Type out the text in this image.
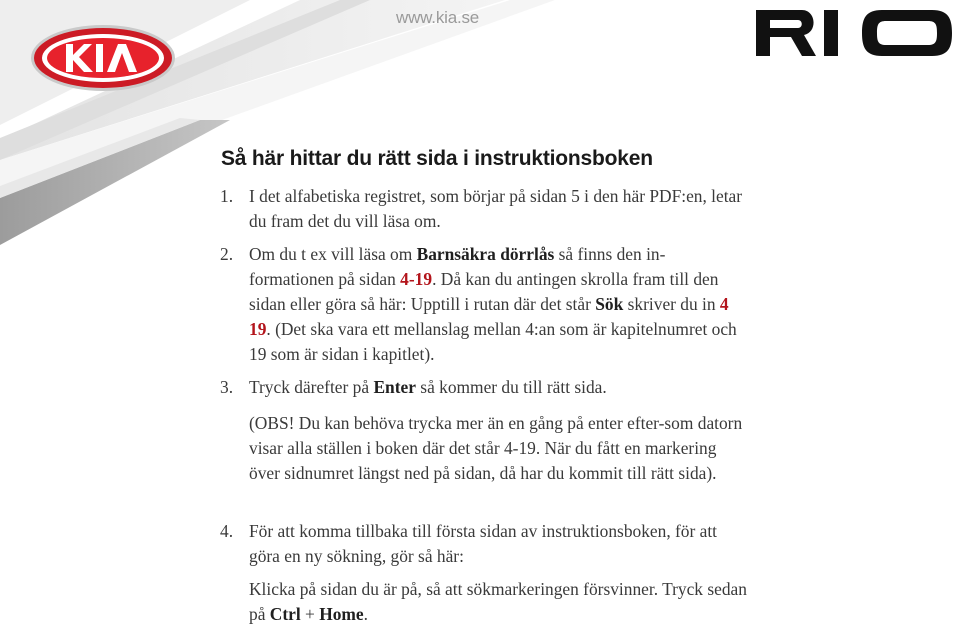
www.kia.se
Så här hittar du rätt sida i instruktionsboken
1. I det alfabetiska registret, som börjar på sidan 5 i den här PDF:en, letar du fram det du vill läsa om.

2. Om du t ex vill läsa om Barnsäkra dörrlås så finns den in-formationen på sidan 4-19. Då kan du antingen skrolla fram till den sidan eller göra så här: Upptill i rutan där det står Sök skriver du in 4 19. (Det ska vara ett mellanslag mellan 4:an som är kapitelnumret och 19 som är sidan i kapitlet).

3. Tryck därefter på Enter så kommer du till rätt sida.

(OBS! Du kan behöva trycka mer än en gång på enter efter-som datorn visar alla ställen i boken där det står 4-19. När du fått en markering över sidnumret längst ned på sidan, då har du kommit till rätt sida).

4. För att komma tillbaka till första sidan av instruktionsboken, för att göra en ny sökning, gör så här:

Klicka på sidan du är på, så att sökmarkeringen försvinner. Tryck sedan på Ctrl + Home.
